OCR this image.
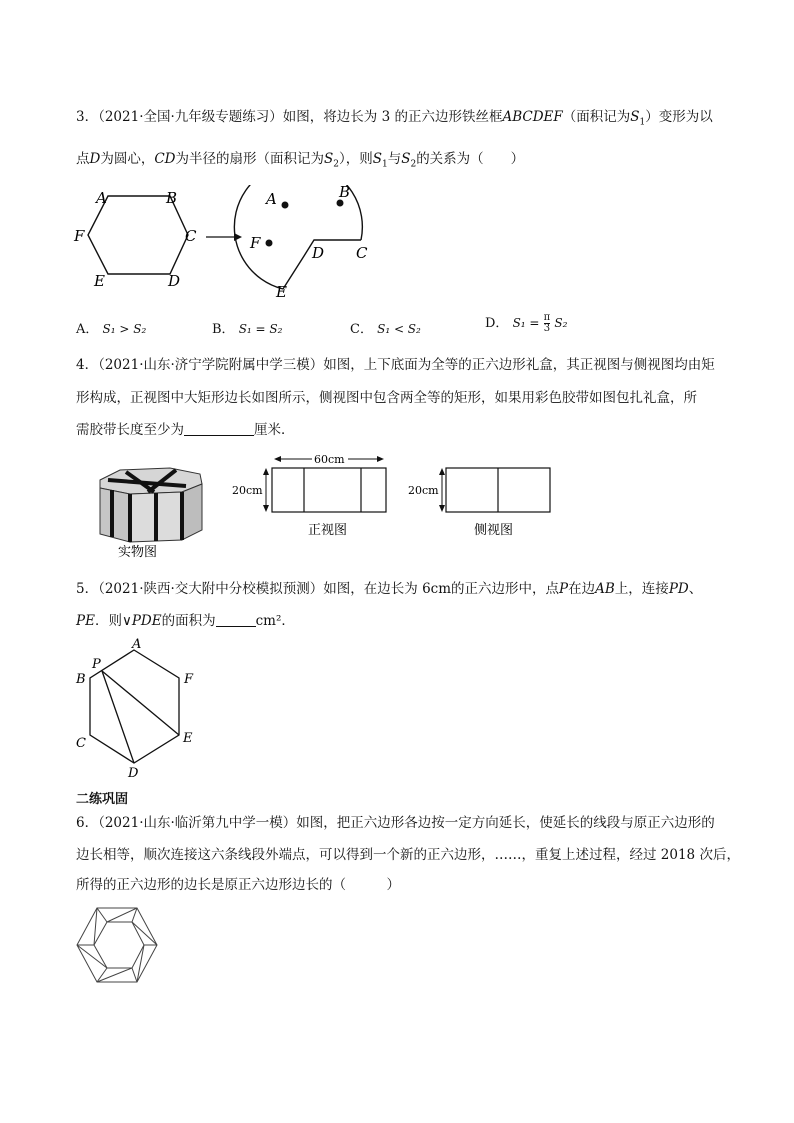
3．（2021·全国·九年级专题练习）如图，将边长为 3 的正六边形铁丝框ABCDEF（面积记为$S_1$）变形为以
点D为圆心，CD为半径的扇形（面积记为$S_2$），则$S_1$与$S_2$的关系为（　　）
A	B
C
D
E
F
A	B
C
D
E
F
A． S₁ > S₂	B． S₁ = S₂	C． S₁ < S₂	D． $S_1 = \frac{\pi}{3} S_2$
4．（2021·山东·济宁学院附属中学三模）如图，上下底面为全等的正六边形礼盒，其正视图与侧视图均由矩
形构成，正视图中大矩形边长如图所示，侧视图中包含两全等的矩形，如果用彩色胶带如图包扎礼盒，所
需胶带长度至少为	厘米．
实物图
60cm
20cm
正视图
20cm
侧视图
5．（2021·陕西·交大附中分校模拟预测）如图，在边长为 6cm的正六边形中，点P在边AB上，连接PD、
PE．则∨PDE的面积为	cm²．
P
A
B	F
C	E
D
二练巩固
6．（2021·山东·临沂第九中学一模）如图，把正六边形各边按一定方向延长，使延长的线段与原正六边形的
边长相等，顺次连接这六条线段外端点，可以得到一个新的正六边形，……，重复上述过程，经过 2018 次后，
所得的正六边形的边长是原正六边形边长的（　　　）
